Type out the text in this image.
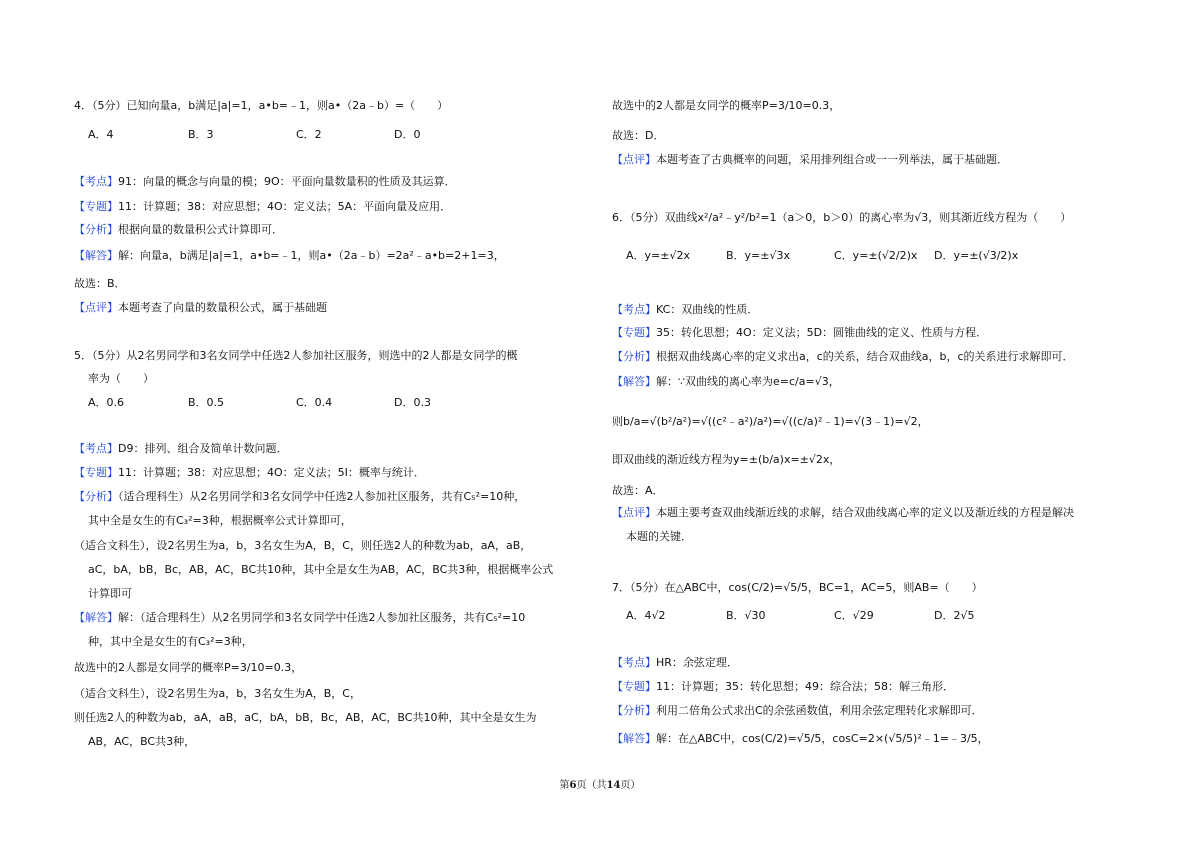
4．（5分）已知向量a，b满足|a|=1，a•b=﹣1，则a•（2a﹣b）=（　　）
A．4	B．3	C．2	D．0
【考点】91：向量的概念与向量的模；9O：平面向量数量积的性质及其运算．
【专题】11：计算题；38：对应思想；4O：定义法；5A：平面向量及应用．
【分析】根据向量的数量积公式计算即可．
【解答】解：向量a，b满足|a|=1，a•b=﹣1，则a•（2a﹣b）=2a²﹣a•b=2+1=3，
故选：B．
【点评】本题考查了向量的数量积公式，属于基础题
5．（5分）从2名男同学和3名女同学中任选2人参加社区服务，则选中的2人都是女同学的概
率为（　　）
A．0.6	B．0.5	C．0.4	D．0.3
【考点】D9：排列、组合及简单计数问题．
【专题】11：计算题；38：对应思想；4O：定义法；5I：概率与统计．
【分析】（适合理科生）从2名男同学和3名女同学中任选2人参加社区服务，共有C₅²=10种，
其中全是女生的有C₃²=3种，根据概率公式计算即可，
（适合文科生），设2名男生为a，b，3名女生为A，B，C，则任选2人的种数为ab，aA，aB，
aC，bA，bB，Bc，AB，AC，BC共10种，其中全是女生为AB，AC，BC共3种，根据概率公式
计算即可
【解答】解：（适合理科生）从2名男同学和3名女同学中任选2人参加社区服务，共有C₅²=10
种，其中全是女生的有C₃²=3种，
故选中的2人都是女同学的概率P=3/10=0.3，
（适合文科生），设2名男生为a，b，3名女生为A，B，C，
则任选2人的种数为ab，aA，aB，aC，bA，bB，Bc，AB，AC，BC共10种，其中全是女生为
AB，AC，BC共3种，
故选中的2人都是女同学的概率P=3/10=0.3，
故选：D．
【点评】本题考查了古典概率的问题，采用排列组合或一一列举法，属于基础题．
6．（5分）双曲线x²/a²﹣y²/b²=1（a＞0，b＞0）的离心率为√3，则其渐近线方程为（　　）
A．y=±√2x	B．y=±√3x	C．y=±(√2/2)x D．y=±(√3/2)x
【考点】KC：双曲线的性质．
【专题】35：转化思想；4O：定义法；5D：圆锥曲线的定义、性质与方程．
【分析】根据双曲线离心率的定义求出a，c的关系，结合双曲线a，b，c的关系进行求解即可．
【解答】解：∵双曲线的离心率为e=c/a=√3，
则b/a=√(b²/a²)=√((c²﹣a²)/a²)=√((c/a)²﹣1)=√(3﹣1)=√2，
即双曲线的渐近线方程为y=±(b/a)x=±√2x，
故选：A．
【点评】本题主要考查双曲线渐近线的求解，结合双曲线离心率的定义以及渐近线的方程是解决
本题的关键．
7．（5分）在△ABC中，cos(C/2)=√5/5，BC=1，AC=5，则AB=（　　）
A．4√2	B．√30	C．√29	D．2√5
【考点】HR：余弦定理．
【专题】11：计算题；35：转化思想；49：综合法；58：解三角形．
【分析】利用二倍角公式求出C的余弦函数值，利用余弦定理转化求解即可．
【解答】解：在△ABC中，cos(C/2)=√5/5，cosC=2×(√5/5)²﹣1=﹣3/5，
第6页（共14页）
